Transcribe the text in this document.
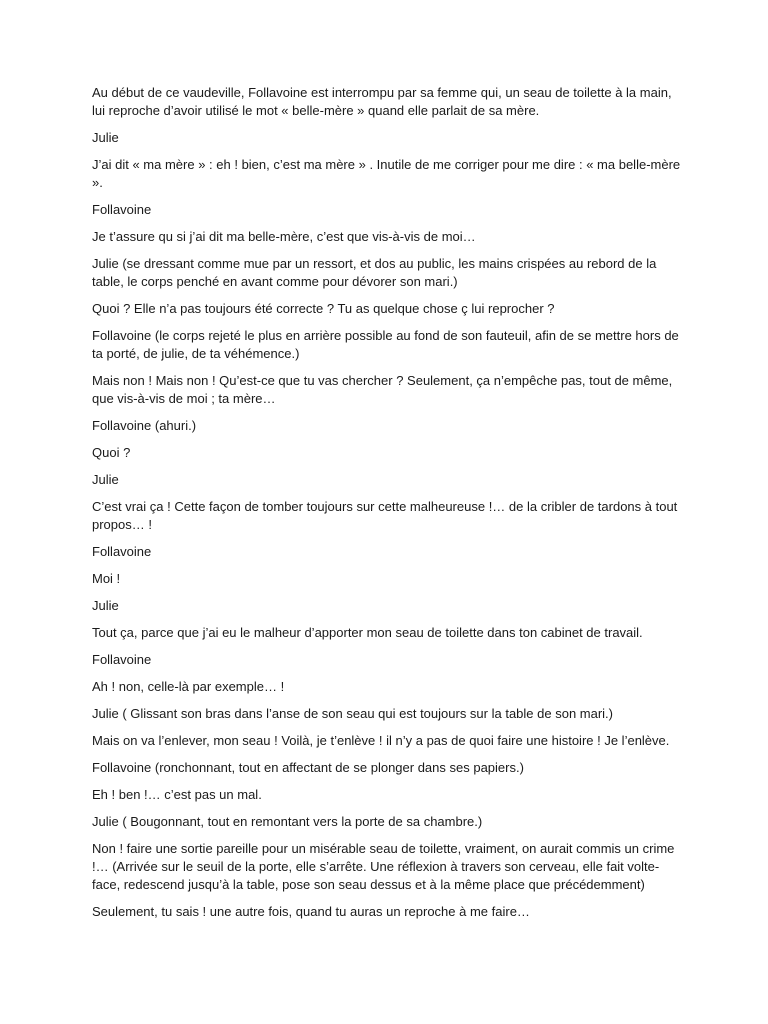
Au début de ce vaudeville, Follavoine est interrompu par sa femme qui, un seau de toilette à la main, lui reproche d’avoir utilisé le mot « belle-mère » quand elle parlait de sa mère.

Julie

J’ai dit « ma mère » : eh ! bien, c’est ma mère » . Inutile de me corriger pour me dire : « ma belle-mère ».

Follavoine

Je t’assure qu si j’ai dit ma belle-mère, c’est que vis-à-vis de moi…

Julie (se dressant comme mue par un ressort, et dos au public, les mains crispées au rebord de la table, le corps penché en avant comme pour dévorer son mari.)

Quoi ? Elle n’a pas toujours été correcte ? Tu as quelque chose ç lui reprocher ?

Follavoine (le corps rejeté le plus en arrière possible au fond de son fauteuil, afin de se mettre hors de ta porté, de julie, de ta véhémence.)

Mais non ! Mais non ! Qu’est-ce que tu vas chercher ? Seulement, ça n’empêche pas, tout de même, que vis-à-vis de moi ; ta mère…

Follavoine (ahuri.)

Quoi ?

Julie

C’est vrai ça ! Cette façon de tomber toujours sur cette malheureuse !… de la cribler de tardons à tout propos… !

Follavoine

Moi !

Julie

Tout ça, parce que j’ai eu le malheur d’apporter mon seau de toilette dans ton cabinet de travail.

Follavoine

Ah ! non, celle-là par exemple… !

Julie ( Glissant son bras dans l’anse de son seau qui est toujours sur la table de son mari.)

Mais on va l’enlever, mon seau ! Voilà, je t’enlève ! il n’y a pas de quoi faire une histoire ! Je l’enlève.

Follavoine (ronchonnant, tout en affectant de se plonger dans ses papiers.)

Eh ! ben !… c’est pas un mal.

Julie ( Bougonnant, tout en remontant vers la porte de sa chambre.)

Non ! faire une sortie pareille pour un misérable seau de toilette, vraiment, on aurait commis un crime !… (Arrivée sur le seuil de la porte, elle s’arrête. Une réflexion à travers son cerveau, elle fait volte-face, redescend jusqu’à la table, pose son seau dessus et à la même place que précédemment)

Seulement, tu sais ! une autre fois, quand tu auras un reproche à me faire…
